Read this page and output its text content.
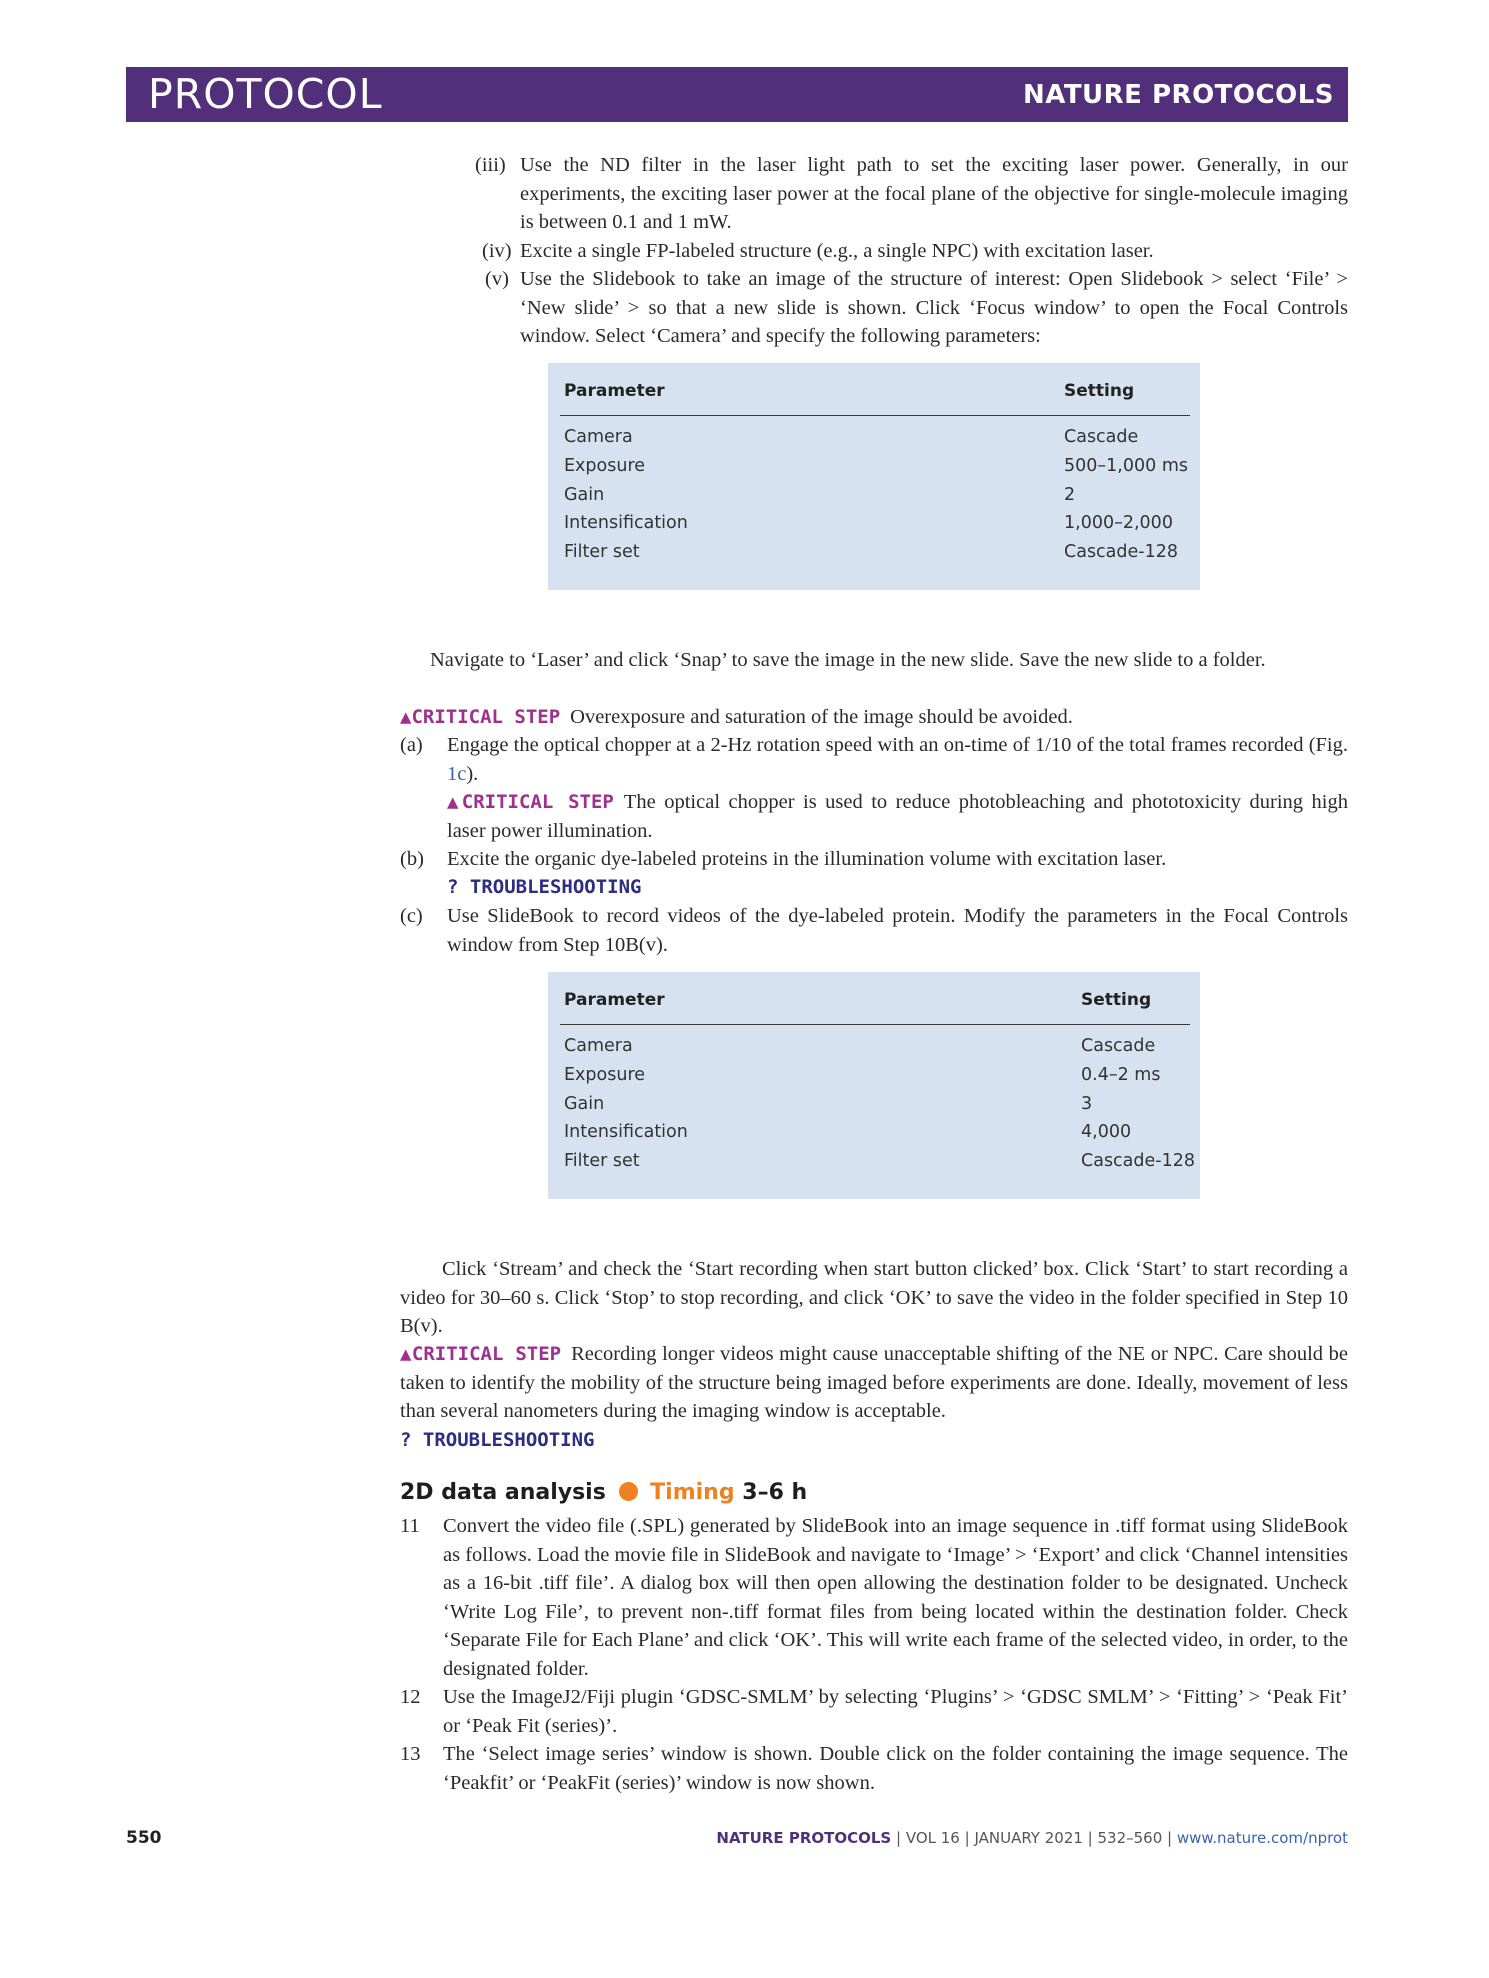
PROTOCOL	NATURE PROTOCOLS
(iii) Use the ND filter in the laser light path to set the exciting laser power. Generally, in our experiments, the exciting laser power at the focal plane of the objective for single-molecule imaging is between 0.1 and 1 mW.
(iv) Excite a single FP-labeled structure (e.g., a single NPC) with excitation laser.
(v) Use the Slidebook to take an image of the structure of interest: Open Slidebook > select ‘File’ > ‘New slide’ > so that a new slide is shown. Click ‘Focus window’ to open the Focal Controls window. Select ‘Camera’ and specify the following parameters:
Parameter	Setting
Camera	Cascade
Exposure	500–1,000 ms
Gain	2
Intensification	1,000–2,000
Filter set	Cascade-128
Navigate to ‘Laser’ and click ‘Snap’ to save the image in the new slide. Save the new slide to a folder.
▲CRITICAL STEP Overexposure and saturation of the image should be avoided.
(a) Engage the optical chopper at a 2-Hz rotation speed with an on-time of 1/10 of the total frames recorded (Fig. 1c).
▲CRITICAL STEP The optical chopper is used to reduce photobleaching and phototoxicity during high laser power illumination.
(b) Excite the organic dye-labeled proteins in the illumination volume with excitation laser.
? TROUBLESHOOTING
(c) Use SlideBook to record videos of the dye-labeled protein. Modify the parameters in the Focal Controls window from Step 10B(v).
Parameter	Setting
Camera	Cascade
Exposure	0.4–2 ms
Gain	3
Intensification	4,000
Filter set	Cascade-128
Click ‘Stream’ and check the ‘Start recording when start button clicked’ box. Click ‘Start’ to start recording a video for 30–60 s. Click ‘Stop’ to stop recording, and click ‘OK’ to save the video in the folder specified in Step 10 B(v).
▲CRITICAL STEP Recording longer videos might cause unacceptable shifting of the NE or NPC. Care should be taken to identify the mobility of the structure being imaged before experiments are done. Ideally, movement of less than several nanometers during the imaging window is acceptable.
? TROUBLESHOOTING
2D data analysis Timing 3–6 h
11 Convert the video file (.SPL) generated by SlideBook into an image sequence in .tiff format using SlideBook as follows. Load the movie file in SlideBook and navigate to ‘Image’ > ‘Export’ and click ‘Channel intensities as a 16-bit .tiff file’. A dialog box will then open allowing the destination folder to be designated. Uncheck ‘Write Log File’, to prevent non-.tiff format files from being located within the destination folder. Check ‘Separate File for Each Plane’ and click ‘OK’. This will write each frame of the selected video, in order, to the designated folder.
12 Use the ImageJ2/Fiji plugin ‘GDSC-SMLM’ by selecting ‘Plugins’ > ‘GDSC SMLM’ > ‘Fitting’ > ‘Peak Fit’ or ‘Peak Fit (series)’.
13 The ‘Select image series’ window is shown. Double click on the folder containing the image sequence. The ‘Peakfit’ or ‘PeakFit (series)’ window is now shown.
550	NATURE PROTOCOLS | VOL 16 | JANUARY 2021 | 532–560 | www.nature.com/nprot
